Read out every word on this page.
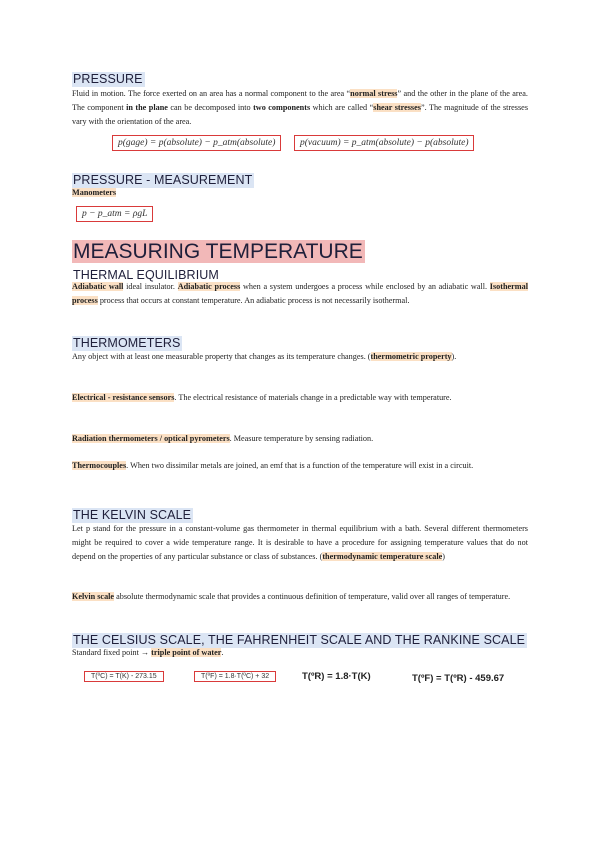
PRESSURE

Fluid in motion. The force exerted on an area has a normal component to the area “normal stress” and the other in the plane of the area. The component in the plane can be decomposed into two components which are called “shear stresses”. The magnitude of the stresses vary with the orientation of the area.

p(gage) = p(absolute) − p_atm(absolute)	p(vacuum) = p_atm(absolute) − p(absolute)
PRESSURE - MEASUREMENT

Manometers

p − p_atm = ρgL
MEASURING TEMPERATURE
THERMAL EQUILIBRIUM

Adiabatic wall ideal insulator. Adiabatic process when a system undergoes a process while enclosed by an adiabatic wall. Isothermal process process that occurs at constant temperature. An adiabatic process is not necessarily isothermal.

THERMOMETERS

Any object with at least one measurable property that changes as its temperature changes. (thermometric property).

Electrical - resistance sensors. The electrical resistance of materials change in a predictable way with temperature.

Radiation thermometers / optical pyrometers. Measure temperature by sensing radiation.

Thermocouples. When two dissimilar metals are joined, an emf that is a function of the temperature will exist in a circuit.

THE KELVIN SCALE

Let p stand for the pressure in a constant-volume gas thermometer in thermal equilibrium with a bath. Several different thermometers might be required to cover a wide temperature range. It is desirable to have a procedure for assigning temperature values that do not depend on the properties of any particular substance or class of substances. (thermodynamic temperature scale)

Kelvin scale absolute thermodynamic scale that provides a continuous definition of temperature, valid over all ranges of temperature.

THE CELSIUS SCALE, THE FAHRENHEIT SCALE AND THE RANKINE SCALE

Standard fixed point → triple point of water.

T(ºC) = T(K) - 273.15	T(ºF) = 1.8·T(ºC) + 32	T(ºR) = 1.8·T(K)	T(ºF) = T(ºR) - 459.67
